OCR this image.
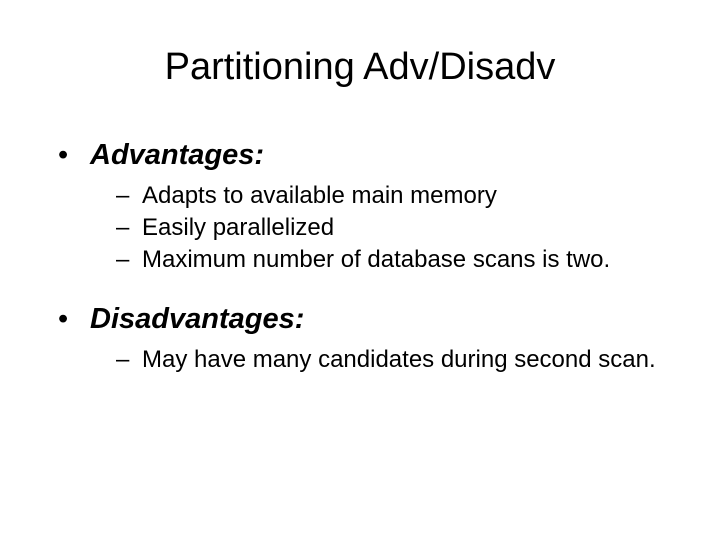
Partitioning Adv/Disadv
• Advantages:
– Adapts to available main memory
– Easily parallelized
– Maximum number of database scans is two.
• Disadvantages:
– May have many candidates during second scan.
